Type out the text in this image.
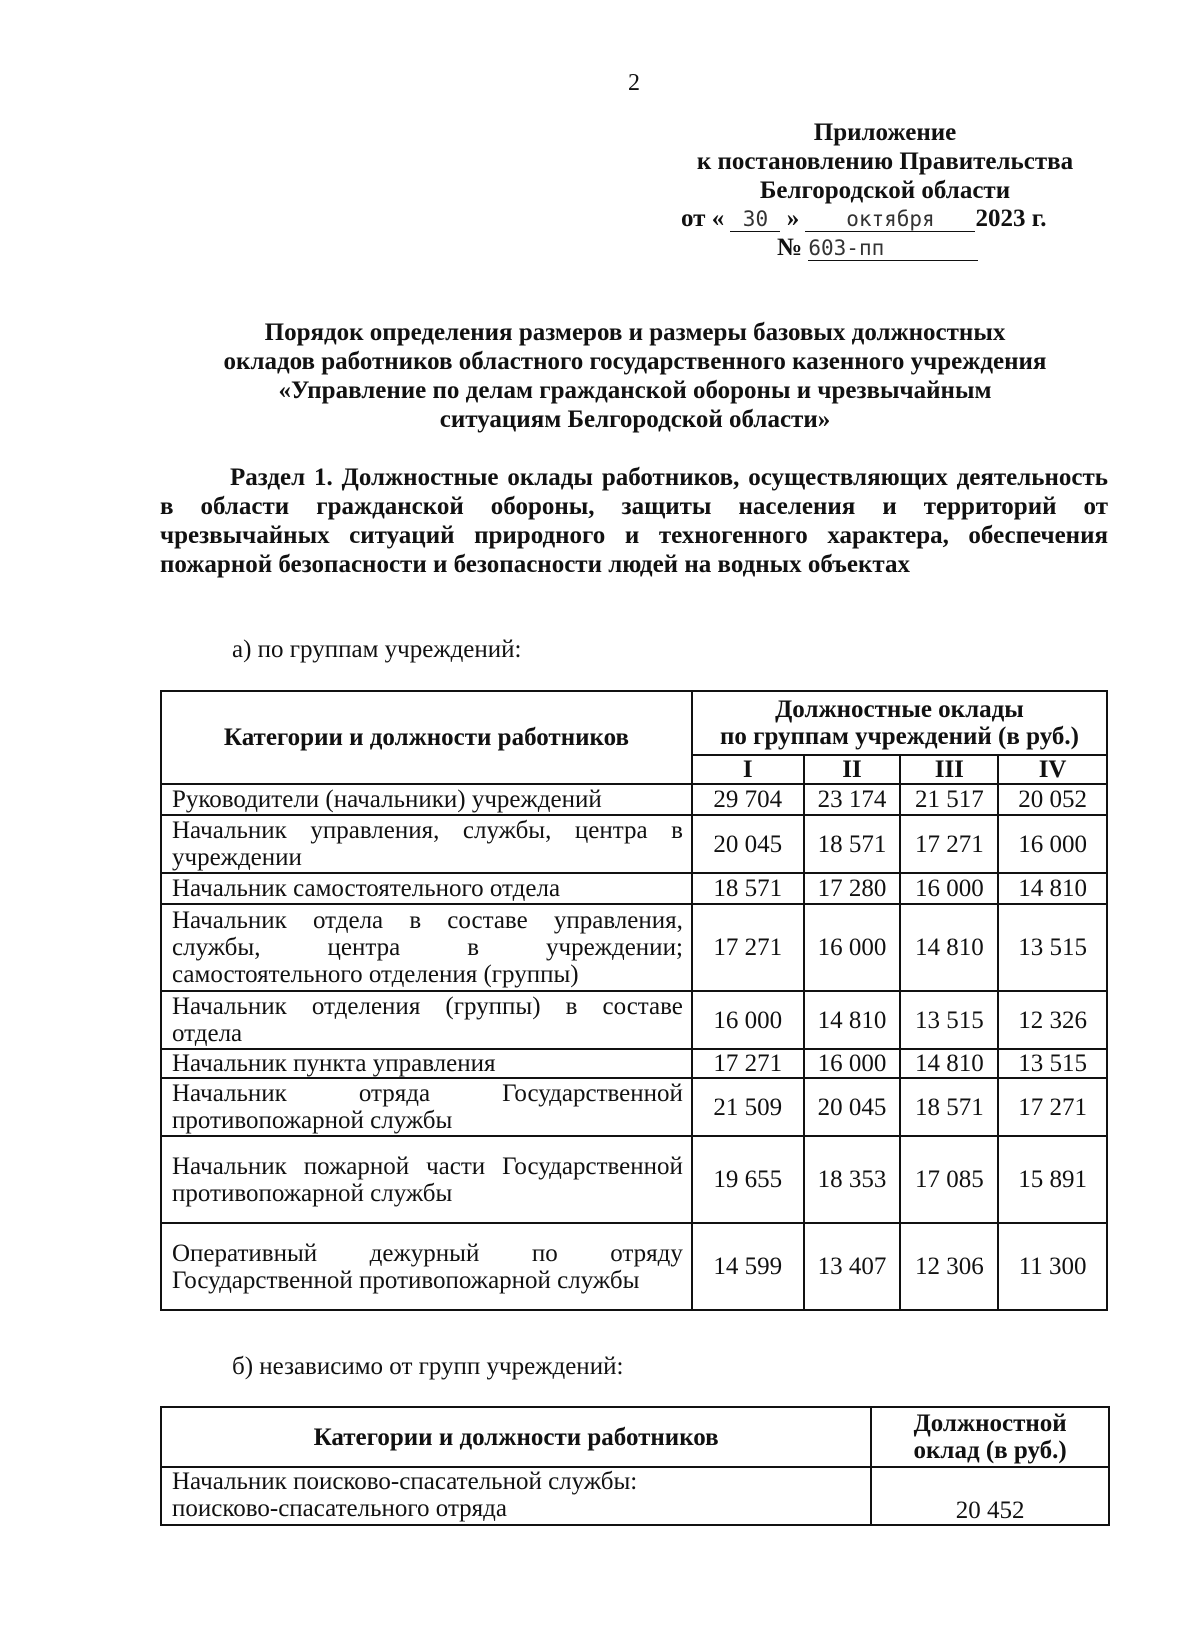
2
Приложение
к постановлению Правительства
Белгородской области
от « 30 » октября 2023 г.
№ 603-пп
Порядок определения размеров и размеры базовых должностных
окладов работников областного государственного казенного учреждения
«Управление по делам гражданской обороны и чрезвычайным
ситуациям Белгородской области»
Раздел 1. Должностные оклады работников, осуществляющих деятельность в области гражданской обороны, защиты населения и территорий от чрезвычайных ситуаций природного и техногенного характера, обеспечения пожарной безопасности и безопасности людей на водных объектах
а) по группам учреждений:
Категории и должности работников	Должностные оклады
по группам учреждений (в руб.)			

	I	II	III	IV
Руководители (начальники) учреждений	29 704	23 174	21 517	20 052
Начальник управления, службы, центра в учреждении	20 045	18 571	17 271	16 000
Начальник самостоятельного отдела	18 571	17 280	16 000	14 810
Начальник отдела в составе управления, службы, центра в учреждении; самостоятельного отделения (группы)	17 271	16 000	14 810	13 515
Начальник отделения (группы) в составе отдела	16 000	14 810	13 515	12 326
Начальник пункта управления	17 271	16 000	14 810	13 515
Начальник отряда Государственной противопожарной службы	21 509	20 045	18 571	17 271
Начальник пожарной части Государственной противопожарной службы	19 655	18 353	17 085	15 891
Оперативный дежурный по отряду Государственной противопожарной службы	14 599	13 407	12 306	11 300
б) независимо от групп учреждений:
Категории и должности работников	Должностной
оклад (в руб.)

Начальник поисково-спасательной службы:
поисково-спасательного отряда	20 452
